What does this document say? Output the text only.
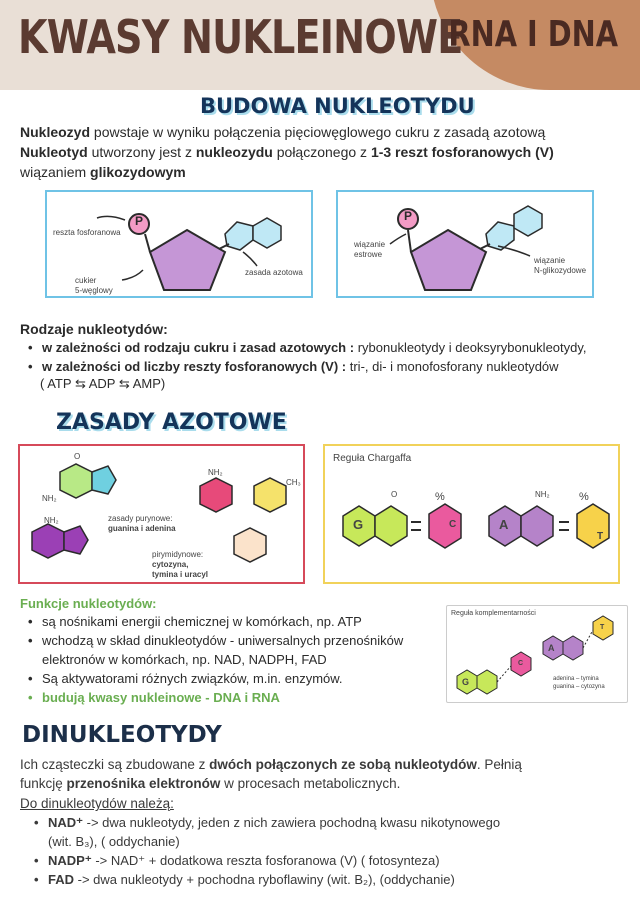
KWASY NUKLEINOWE
RNA I DNA
BUDOWA NUKLEOTYDU
Nukleozyd powstaje w wyniku połączenia pięciowęglowego cukru z zasadą azotową
Nukleotyd utworzony jest z nukleozydu połączonego z 1-3 reszt fosforanowych (V)
wiązaniem glikozydowym
P
reszta fosforanowa
cukier
5-węglowy
zasada azotowa
P
wiązanie
estrowe
wiązanie
N-glikozydowe
Rodzaje nukleotydów:
• w zależności od rodzaju cukru i zasad azotowych : rybonukleotydy i deoksyrybonukleotydy,
• w zależności od liczby reszty fosforanowych (V) : tri-, di- i monofosforany nukleotydów
( ATP ⇆ ADP ⇆ AMP)
ZASADY AZOTOWE
O
NH₂
NH₂
CH₃
NH₂	zasady purynowe:
guanina i adenina
pirymidynowe:
cytozyna,
tymina i uracyl
Reguła Chargaffa
G	C	A
T
O	NH₂
%	%
Funkcje nukleotydów:
• są nośnikami energii chemicznej w komórkach, np. ATP
• wchodzą w skład dinukleotydów - uniwersalnych przenośników
elektronów w komórkach, np. NAD, NADPH, FAD
• Są aktywatorami różnych związków, m.in. enzymów.
• budują kwasy nukleinowe - DNA i RNA
Reguła komplementarności
G
C
A
T
adenina – tymina
guanina – cytozyna
DINUKLEOTYDY
Ich cząsteczki są zbudowane z dwóch połączonych ze sobą nukleotydów. Pełnią
funkcję przenośnika elektronów w procesach metabolicznych.
Do dinukleotydów należą:
• NAD⁺ -> dwa nukleotydy, jeden z nich zawiera pochodną kwasu nikotynowego
(wit. B₃), ( oddychanie)
• NADP⁺ -> NAD⁺ + dodatkowa reszta fosforanowa (V) ( fotosynteza)
• FAD -> dwa nukleotydy + pochodna ryboflawiny (wit. B₂), (oddychanie)
